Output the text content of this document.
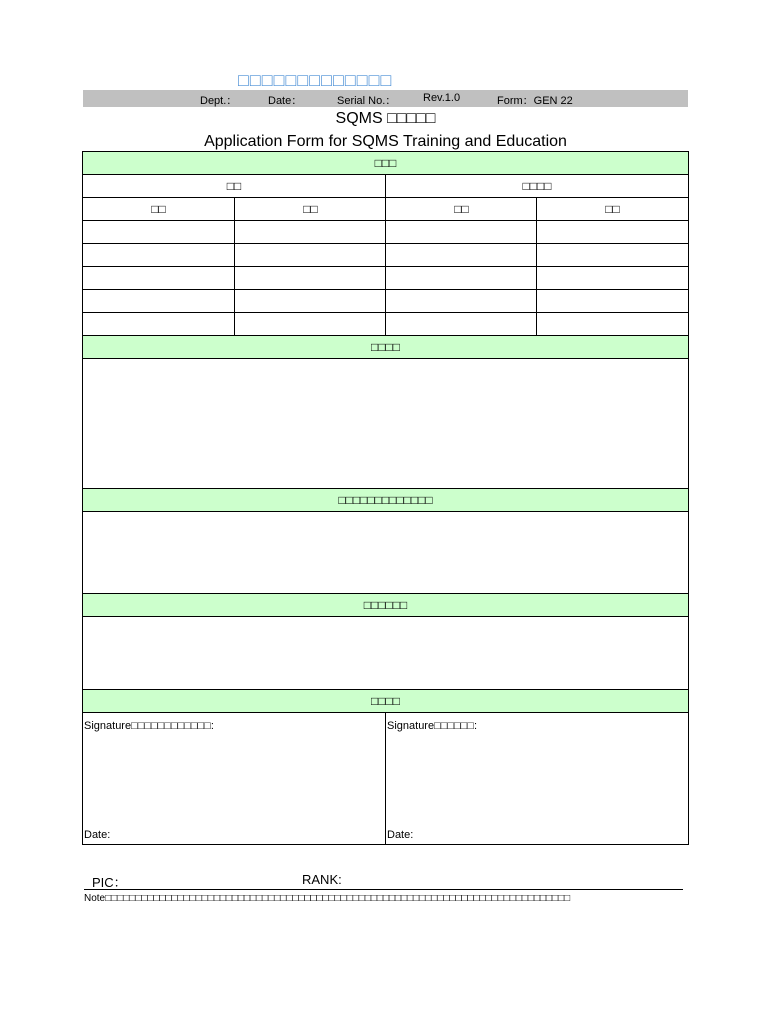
□□□□□□□□□□□□□
Dept.：	Date：	Serial No.： Rev.1.0	Form：GEN 22
SQMS □□□□□
Application Form for SQMS Training and Education
□□□
□□	□□□□
□□	□□	□□	□□
□□□□
□□□□□□□□□□□□□
□□□□□□
□□□□
Signature□□□□□□□□□□□□:	Signature□□□□□□:
Date:	Date:
PIC：	RANK:
Note□□□□□□□□□□□□□□□□□□□□□□□□□□□□□□□□□□□□□□□□□□□□□□□□□□□□□□□□□□□□□□□□□□□□□□□□□□□□□
